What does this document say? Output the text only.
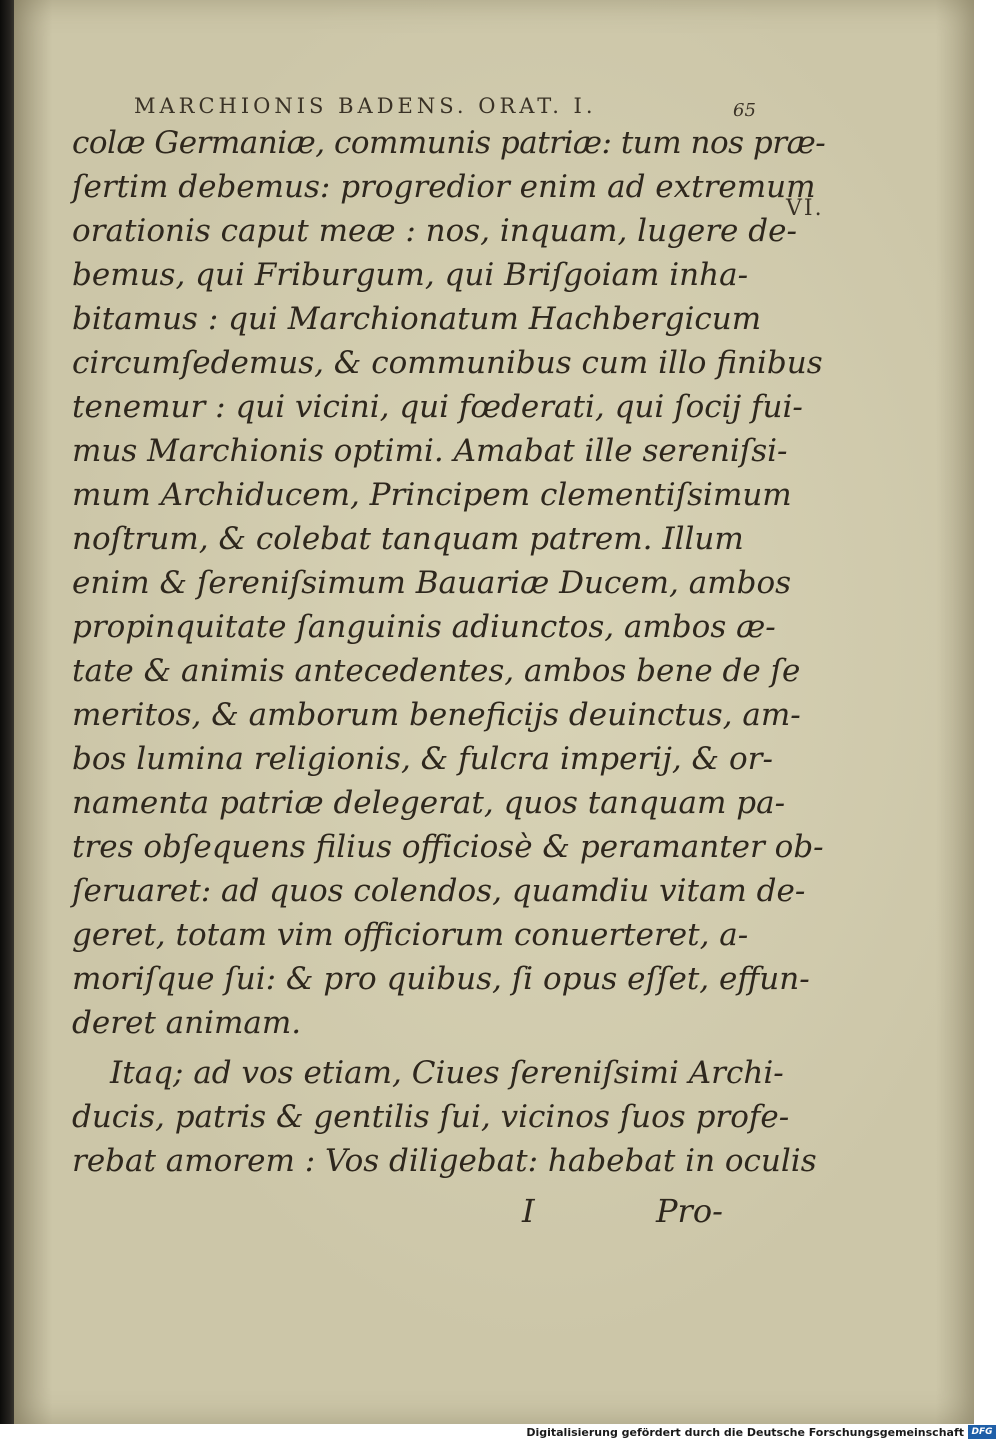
MARCHIONIS BADENS. ORAT. I.	65
VI.
colæ Germaniæ, communis patriæ: tum nos præ-
ſertim debemus: progredior enim ad extremum
orationis caput meæ : nos, inquam, lugere de-
bemus, qui Friburgum, qui Briſgoiam inha-
bitamus : qui Marchionatum Hachbergicum
circumſedemus, & communibus cum illo finibus
tenemur : qui vicini, qui fœderati, qui ſocij fui-
mus Marchionis optimi. Amabat ille sereniſsi-
mum Archiducem, Principem clementiſsimum
noſtrum, & colebat tanquam patrem. Illum
enim & ſereniſsimum Bauariæ Ducem, ambos
propinquitate ſanguinis adiunctos, ambos æ-
tate & animis antecedentes, ambos bene de ſe
meritos, & amborum beneficijs deuinctus, am-
bos lumina religionis, & fulcra imperij, & or-
namenta patriæ delegerat, quos tanquam pa-
tres obſequens filius officiosè & peramanter ob-
ſeruaret: ad quos colendos, quamdiu vitam de-
geret, totam vim officiorum conuerteret, a-
moriſque ſui: & pro quibus, ſi opus eſſet, effun-
deret animam.
Itaq; ad vos etiam, Ciues ſereniſsimi Archi-
ducis, patris & gentilis ſui, vicinos ſuos profe-
rebat amorem : Vos diligebat: habebat in oculis
I	Pro-
Digitalisierung gefördert durch die Deutsche Forschungsgemeinschaft DFG
